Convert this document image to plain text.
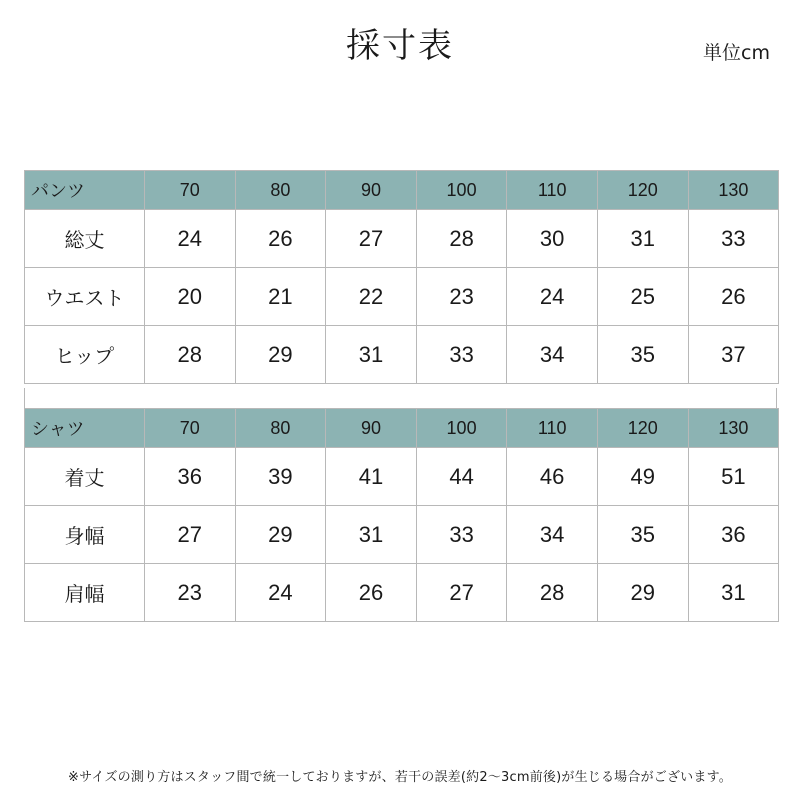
採寸表	単位cm
パンツ	70	80	90	100	110	120	130
総丈	24	26	27	28	30	31	33
ウエスト	20	21	22	23	24	25	26
ヒップ	28	29	31	33	34	35	37
シャツ	70	80	90	100	110	120	130
着丈	36	39	41	44	46	49	51
身幅	27	29	31	33	34	35	36
肩幅	23	24	26	27	28	29	31
※サイズの測り方はスタッフ間で統一しておりますが、若干の誤差(約2～3cm前後)が生じる場合がございます。
